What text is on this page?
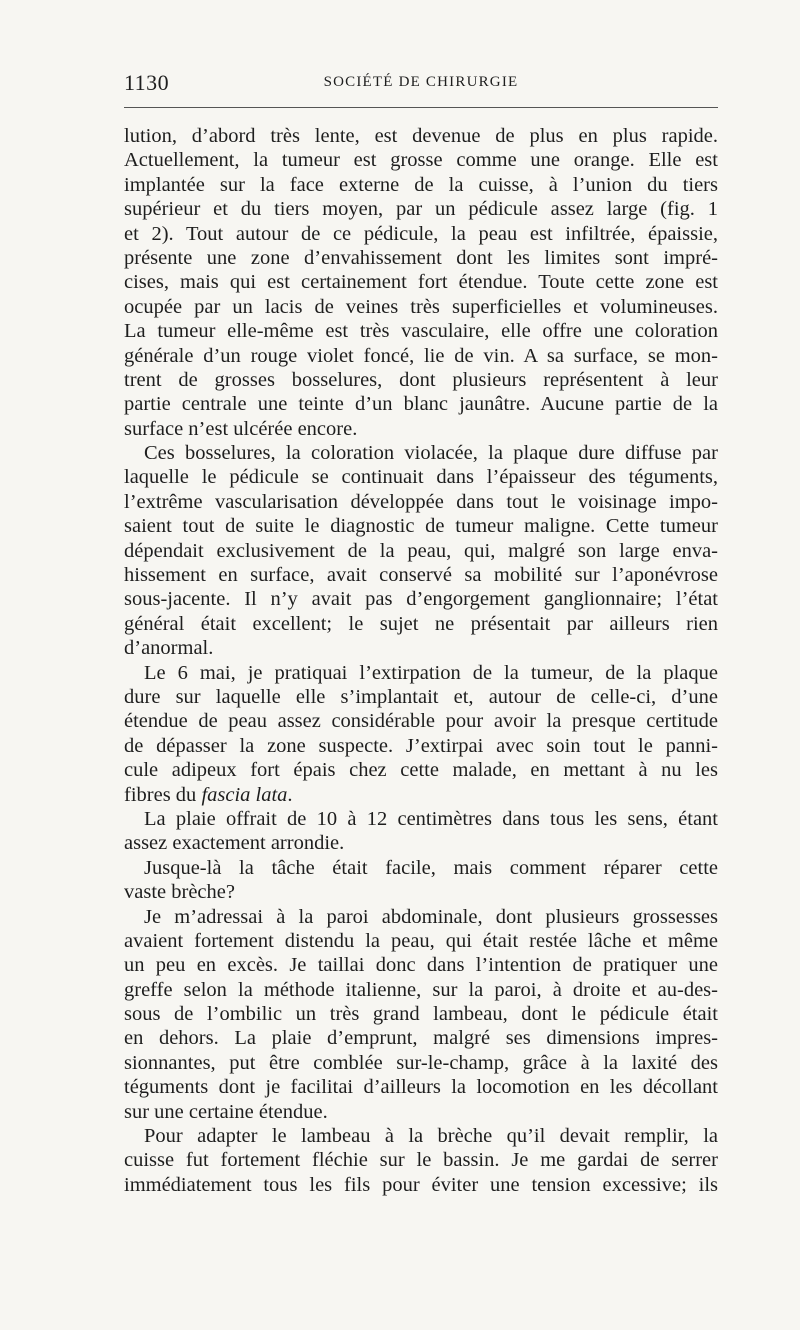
1130	SOCIÉTÉ DE CHIRURGIE
lution, d’abord très lente, est devenue de plus en plus rapide.
Actuellement, la tumeur est grosse comme une orange. Elle est
implantée sur la face externe de la cuisse, à l’union du tiers
supérieur et du tiers moyen, par un pédicule assez large (fig. 1
et 2). Tout autour de ce pédicule, la peau est infiltrée, épaissie,
présente une zone d’envahissement dont les limites sont impré-
cises, mais qui est certainement fort étendue. Toute cette zone est
ocupée par un lacis de veines très superficielles et volumineuses.
La tumeur elle-même est très vasculaire, elle offre une coloration
générale d’un rouge violet foncé, lie de vin. A sa surface, se mon-
trent de grosses bosselures, dont plusieurs représentent à leur
partie centrale une teinte d’un blanc jaunâtre. Aucune partie de la
surface n’est ulcérée encore.
Ces bosselures, la coloration violacée, la plaque dure diffuse par
laquelle le pédicule se continuait dans l’épaisseur des téguments,
l’extrême vascularisation développée dans tout le voisinage impo-
saient tout de suite le diagnostic de tumeur maligne. Cette tumeur
dépendait exclusivement de la peau, qui, malgré son large enva-
hissement en surface, avait conservé sa mobilité sur l’aponévrose
sous-jacente. Il n’y avait pas d’engorgement ganglionnaire; l’état
général était excellent; le sujet ne présentait par ailleurs rien
d’anormal.
Le 6 mai, je pratiquai l’extirpation de la tumeur, de la plaque
dure sur laquelle elle s’implantait et, autour de celle-ci, d’une
étendue de peau assez considérable pour avoir la presque certitude
de dépasser la zone suspecte. J’extirpai avec soin tout le panni-
cule adipeux fort épais chez cette malade, en mettant à nu les
fibres du fascia lata.
La plaie offrait de 10 à 12 centimètres dans tous les sens, étant
assez exactement arrondie.
Jusque-là la tâche était facile, mais comment réparer cette
vaste brèche?
Je m’adressai à la paroi abdominale, dont plusieurs grossesses
avaient fortement distendu la peau, qui était restée lâche et même
un peu en excès. Je taillai donc dans l’intention de pratiquer une
greffe selon la méthode italienne, sur la paroi, à droite et au-des-
sous de l’ombilic un très grand lambeau, dont le pédicule était
en dehors. La plaie d’emprunt, malgré ses dimensions impres-
sionnantes, put être comblée sur-le-champ, grâce à la laxité des
téguments dont je facilitai d’ailleurs la locomotion en les décollant
sur une certaine étendue.
Pour adapter le lambeau à la brèche qu’il devait remplir, la
cuisse fut fortement fléchie sur le bassin. Je me gardai de serrer
immédiatement tous les fils pour éviter une tension excessive; ils
